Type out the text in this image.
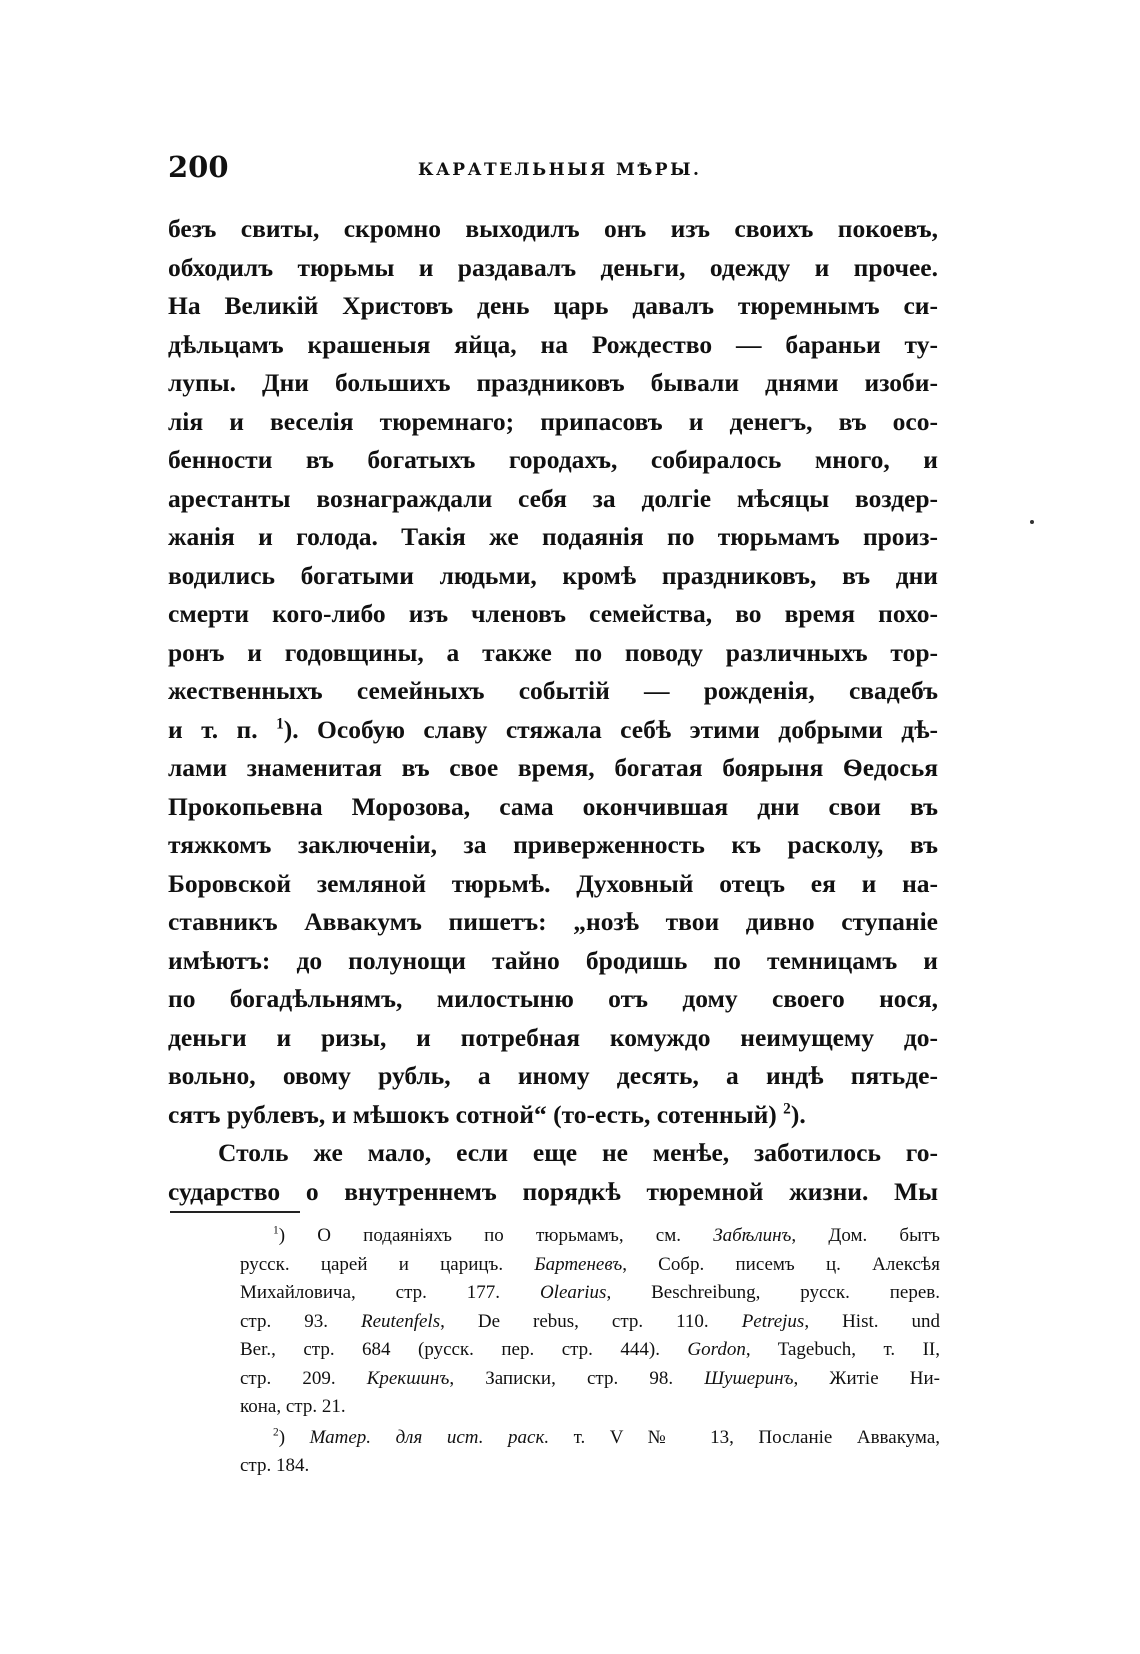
200	КАРАТЕЛЬНЫЯ МѢРЫ.
безъ свиты, скромно выходилъ онъ изъ своихъ покоевъ,
обходилъ тюрьмы и раздавалъ деньги, одежду и прочее.
На Великій Христовъ день царь давалъ тюремнымъ си-
дѣльцамъ крашеныя яйца, на Рождество — бараньи ту-
лупы. Дни большихъ праздниковъ бывали днями изоби-
лія и веселія тюремнаго; припасовъ и денегъ, въ осо-
бенности въ богатыхъ городахъ, собиралось много, и
арестанты вознаграждали себя за долгіе мѣсяцы воздер-
жанія и голода. Такія же подаянія по тюрьмамъ произ-
водились богатыми людьми, кромѣ праздниковъ, въ дни
смерти кого-либо изъ членовъ семейства, во время похо-
ронъ и годовщины, а также по поводу различныхъ тор-
жественныхъ семейныхъ событій — рожденія, свадебъ
и т. п. $^1$). Особую славу стяжала себѣ этими добрыми дѣ-
лами знаменитая въ свое время, богатая боярыня Ѳедосья
Прокопьевна Морозова, сама окончившая дни свои въ
тяжкомъ заключеніи, за приверженность къ расколу, въ
Боровской земляной тюрьмѣ. Духовный отецъ ея и на-
ставникъ Аввакумъ пишетъ: „нозѣ твои дивно ступаніе
имѣютъ: до полунощи тайно бродишь по темницамъ и
по богадѣльнямъ, милостыню отъ дому своего нося,
деньги и ризы, и потребная комуждо неимущему до-
вольно, овому рубль, а иному десять, а индѣ пятьде-
сятъ рублевъ, и мѣшокъ сотной“ (то-есть, сотенный) $^2$).
Столь же мало, если еще не менѣе, заботилось го-
сударство о внутреннемъ порядкѣ тюремной жизни. Мы
$^1$) О подаяніяхъ по тюрьмамъ, см. Забѣлинъ, Дом. бытъ
русск. царей и царицъ. Бартеневъ, Собр. писемъ ц. Алексѣя
Михайловича, стр. 177. Olearius, Beschreibung, русск. перев.
стр. 93. Reutenfels, De rebus, стр. 110. Petrejus, Hist. und
Ber., стр. 684 (русск. пер. стр. 444). Gordon, Tagebuch, т. II,
стр. 209. Крекшинъ, Записки, стр. 98. Шушеринъ, Житіе Ни-
кона, стр. 21.
$^2$) Матер. для ист. раск. т. V № 13, Посланіе Аввакума,
стр. 184.
